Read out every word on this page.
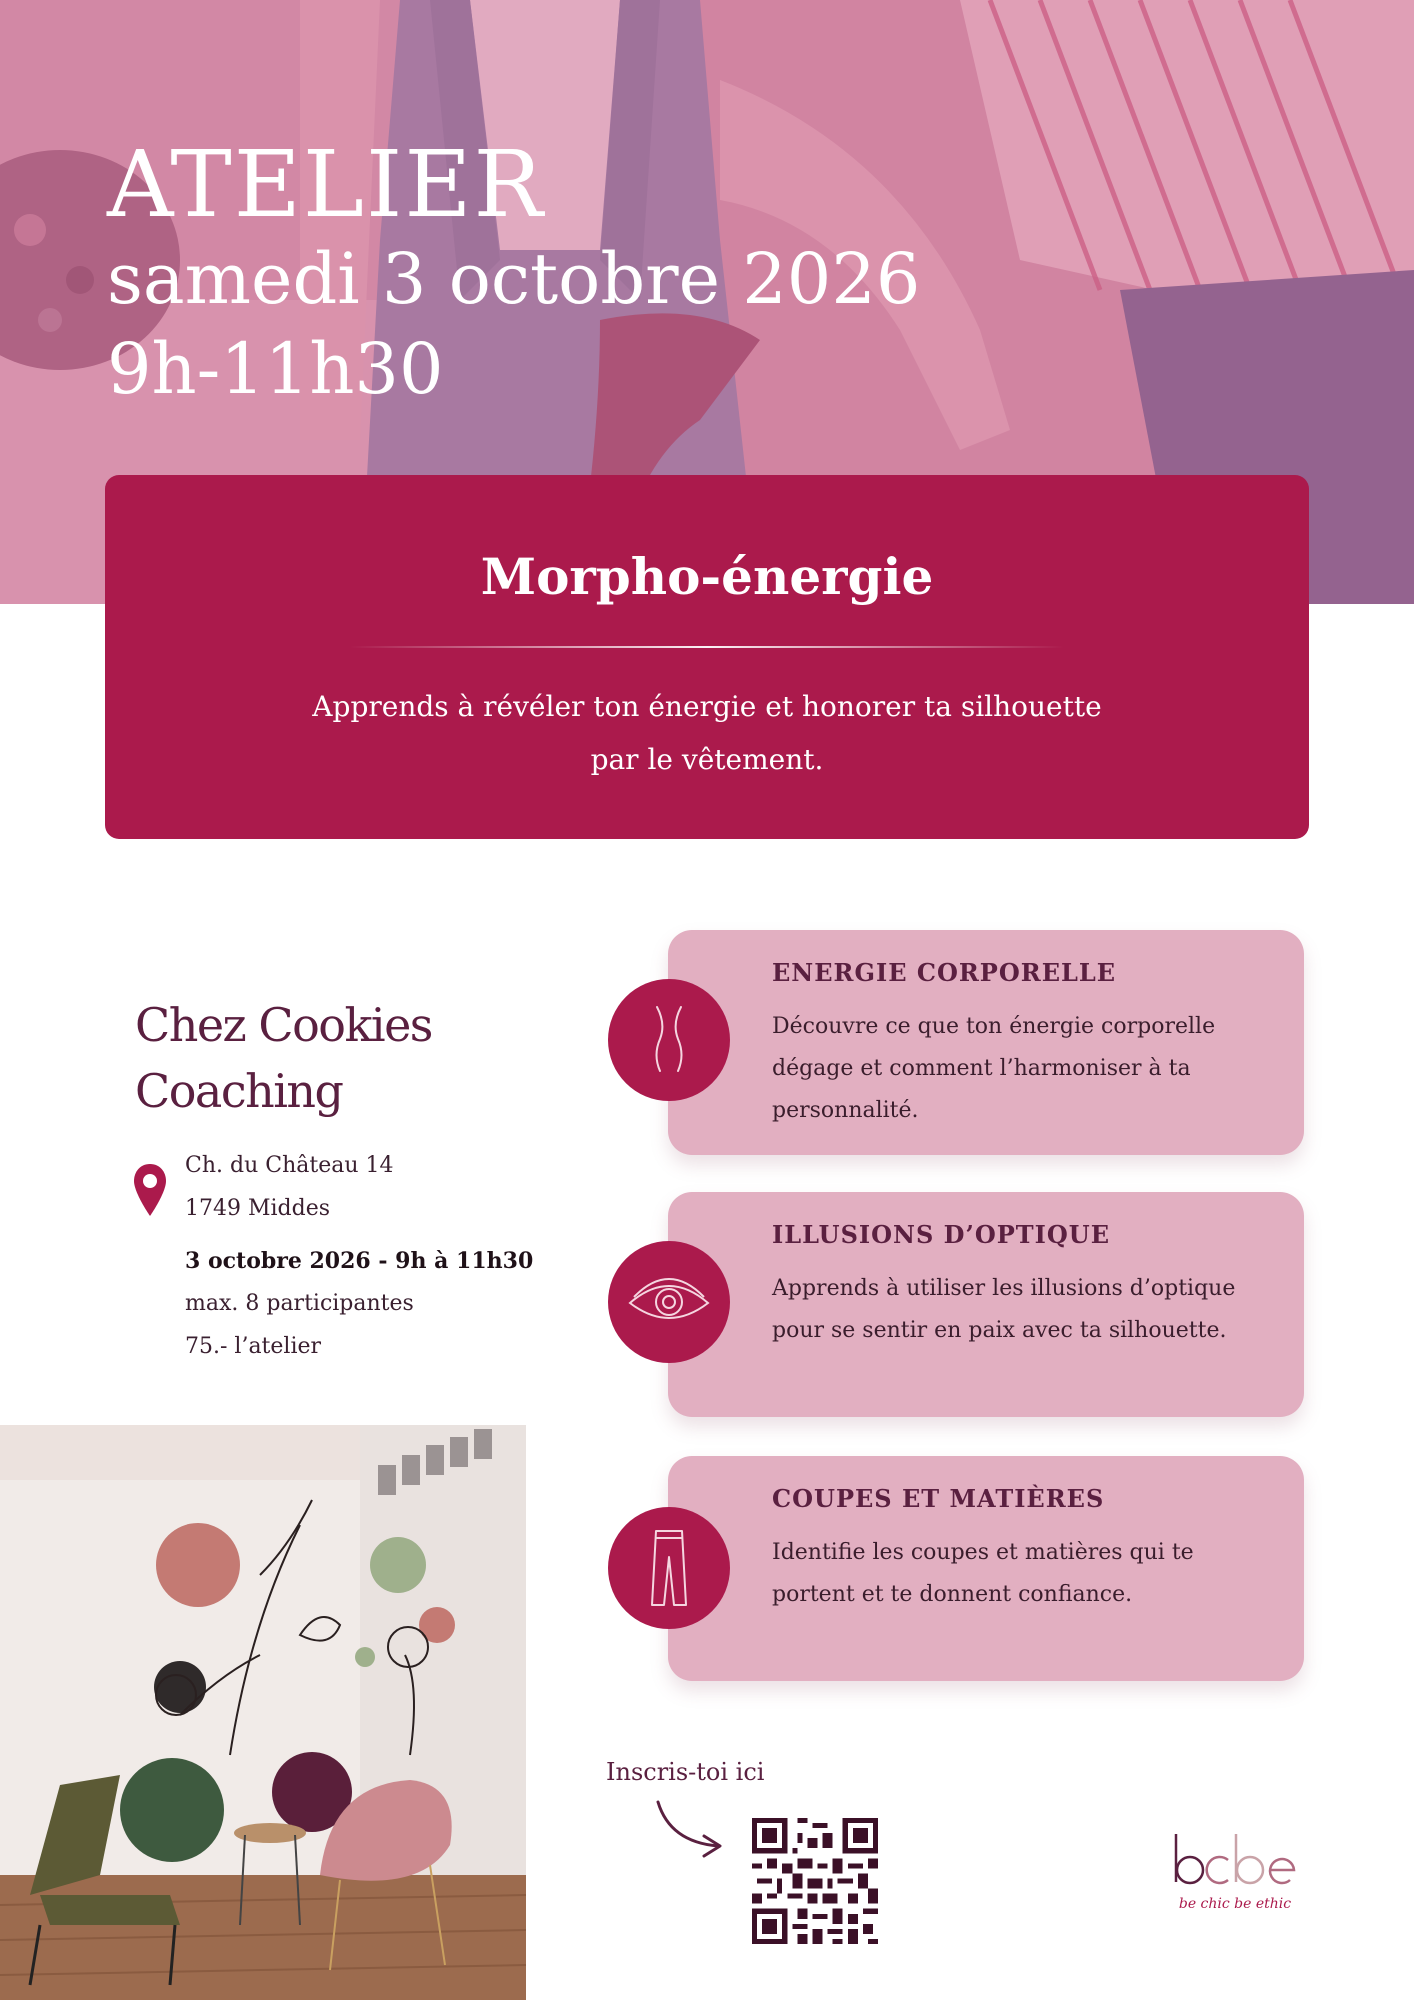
ATELIER
samedi 3 octobre 2026
9h-11h30
Morpho-énergie
Apprends à révéler ton énergie et honorer ta silhouette
par le vêtement.
Chez Cookies
Coaching
Ch. du Château 14
1749 Middes
3 octobre 2026 - 9h à 11h30
max. 8 participantes
75.- l’atelier
ENERGIE CORPORELLE
Découvre ce que ton énergie corporelle dégage et comment l’harmoniser à ta personnalité.
ILLUSIONS D’OPTIQUE
Apprends à utiliser les illusions d’optique pour se sentir en paix avec ta silhouette.
COUPES ET MATIÈRES
Identifie les coupes et matières qui te portent et te donnent confiance.
Inscris-toi ici
be chic be ethic
